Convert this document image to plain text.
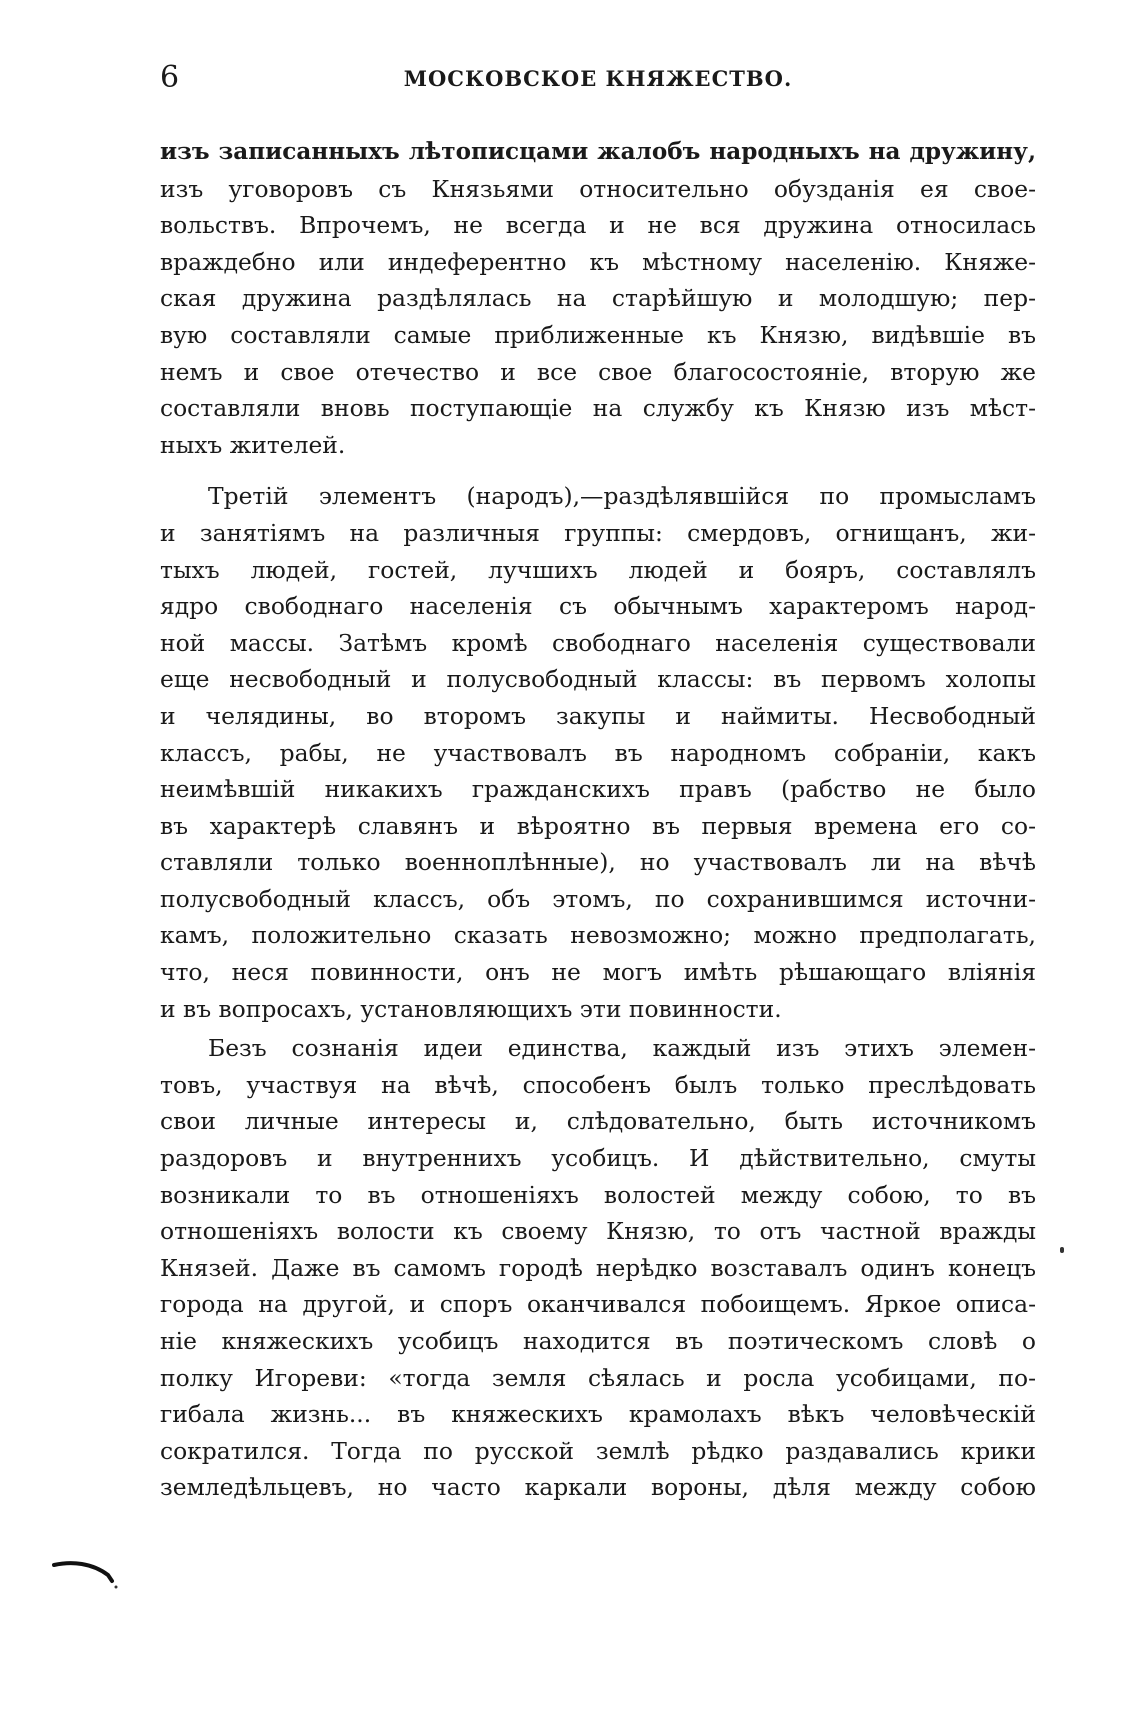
6	МОСКОВСКОЕ КНЯЖЕСТВО.

изъ записанныхъ лѣтописцами жалобъ народныхъ на дружину,
изъ уговоровъ съ Князьями относительно обузданія ея свое-
вольствъ. Впрочемъ, не всегда и не вся дружина относилась
враждебно или индеферентно къ мѣстному населенію. Княже-
ская дружина раздѣлялась на старѣйшую и молодшую; пер-
вую составляли самые приближенные къ Князю, видѣвшіе въ
немъ и свое отечество и все свое благосостояніе, вторую же
составляли вновь поступающіе на службу къ Князю изъ мѣст-
ныхъ жителей.

Третій элементъ (народъ),—раздѣлявшійся по промысламъ
и занятіямъ на различныя группы: смердовъ, огнищанъ, жи-
тыхъ людей, гостей, лучшихъ людей и бояръ, составлялъ
ядро свободнаго населенія съ обычнымъ характеромъ народ-
ной массы. Затѣмъ кромѣ свободнаго населенія существовали
еще несвободный и полусвободный классы: въ первомъ холопы
и челядины, во второмъ закупы и наймиты. Несвободный
классъ, рабы, не участвовалъ въ народномъ собраніи, какъ
неимѣвшій никакихъ гражданскихъ правъ (рабство не было
въ характерѣ славянъ и вѣроятно въ первыя времена его со-
ставляли только военноплѣнные), но участвовалъ ли на вѣчѣ
полусвободный классъ, объ этомъ, по сохранившимся источни-
камъ, положительно сказать невозможно; можно предполагать,
что, неся повинности, онъ не могъ имѣть рѣшающаго вліянія
и въ вопросахъ, установляющихъ эти повинности.

Безъ сознанія идеи единства, каждый изъ этихъ элемен-
товъ, участвуя на вѣчѣ, способенъ былъ только преслѣдовать
свои личные интересы и, слѣдовательно, быть источникомъ
раздоровъ и внутреннихъ усобицъ. И дѣйствительно, смуты
возникали то въ отношеніяхъ волостей между собою, то въ
отношеніяхъ волости къ своему Князю, то отъ частной вражды
Князей. Даже въ самомъ городѣ нерѣдко возставалъ одинъ конецъ
города на другой, и споръ оканчивался побоищемъ. Яркое описа-
ніе княжескихъ усобицъ находится въ поэтическомъ словѣ о
полку Игореви: «тогда земля сѣялась и росла усобицами, по-
гибала жизнь... въ княжескихъ крамолахъ вѣкъ человѣческій
сократился. Тогда по русской землѣ рѣдко раздавались крики
земледѣльцевъ, но часто каркали вороны, дѣля между собою
